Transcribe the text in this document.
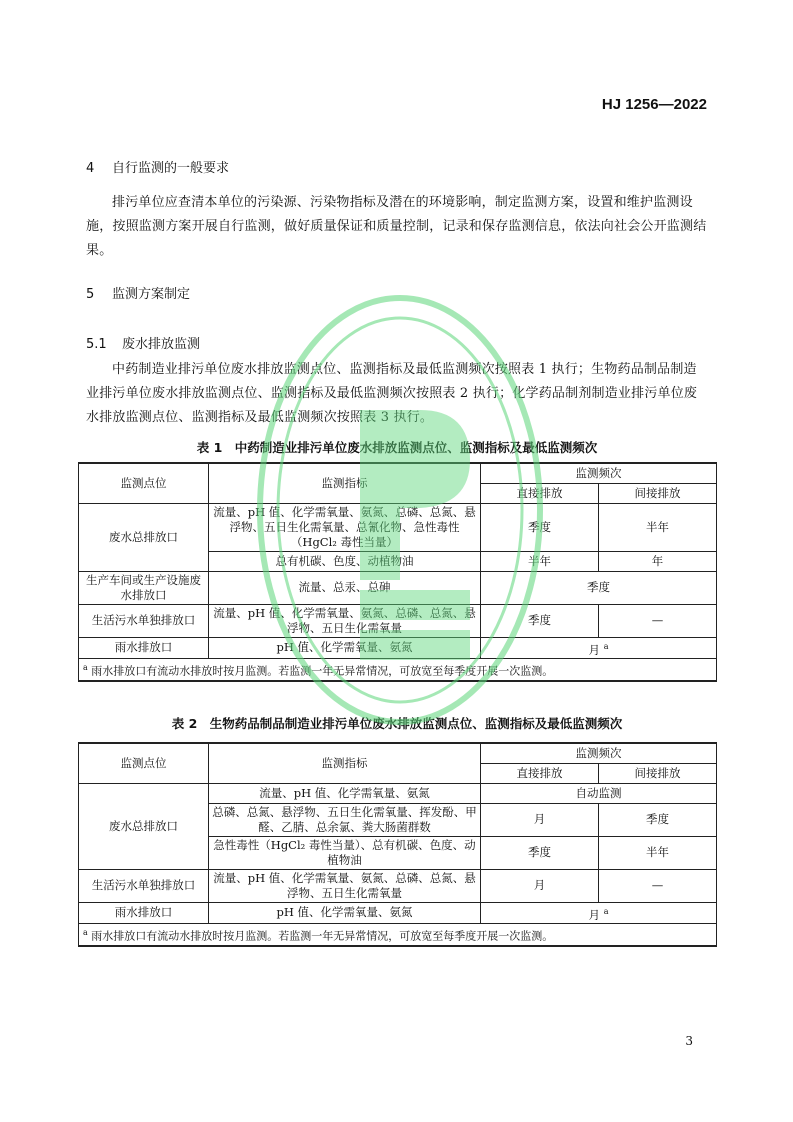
HJ 1256—2022
4 自行监测的一般要求
排污单位应查清本单位的污染源、污染物指标及潜在的环境影响，制定监测方案，设置和维护监测设施，按照监测方案开展自行监测，做好质量保证和质量控制，记录和保存监测信息，依法向社会公开监测结果。
5 监测方案制定
5.1 废水排放监测
中药制造业排污单位废水排放监测点位、监测指标及最低监测频次按照表 1 执行；生物药品制品制造业排污单位废水排放监测点位、监测指标及最低监测频次按照表 2 执行；化学药品制剂制造业排污单位废水排放监测点位、监测指标及最低监测频次按照表 3 执行。
表 1　中药制造业排污单位废水排放监测点位、监测指标及最低监测频次
监测点位	监测指标	监测频次	
		直接排放	间接排放
废水总排放口	流量、pH 值、化学需氧量、氨氮、总磷、总氮、悬浮物、五日生化需氧量、总氰化物、急性毒性（HgCl₂ 毒性当量）	季度	半年
	总有机碳、色度、动植物油	半年	年
生产车间或生产设施废水排放口	流量、总汞、总砷	季度	
生活污水单独排放口	流量、pH 值、化学需氧量、氨氮、总磷、总氮、悬浮物、五日生化需氧量	季度	—
雨水排放口	pH 值、化学需氧量、氨氮	月 $^a$
$^a$ 雨水排放口有流动水排放时按月监测。若监测一年无异常情况，可放宽至每季度开展一次监测。			
表 2　生物药品制品制造业排污单位废水排放监测点位、监测指标及最低监测频次
监测点位	监测指标	监测频次	
		直接排放	间接排放
废水总排放口	流量、pH 值、化学需氧量、氨氮	自动监测	
	总磷、总氮、悬浮物、五日生化需氧量、挥发酚、甲醛、乙腈、总余氯、粪大肠菌群数	月	季度
	急性毒性（HgCl₂ 毒性当量）、总有机碳、色度、动植物油	季度	半年
生活污水单独排放口	流量、pH 值、化学需氧量、氨氮、总磷、总氮、悬浮物、五日生化需氧量	月	—
雨水排放口	pH 值、化学需氧量、氨氮	月 $^a$
$^a$ 雨水排放口有流动水排放时按月监测。若监测一年无异常情况，可放宽至每季度开展一次监测。			
3
